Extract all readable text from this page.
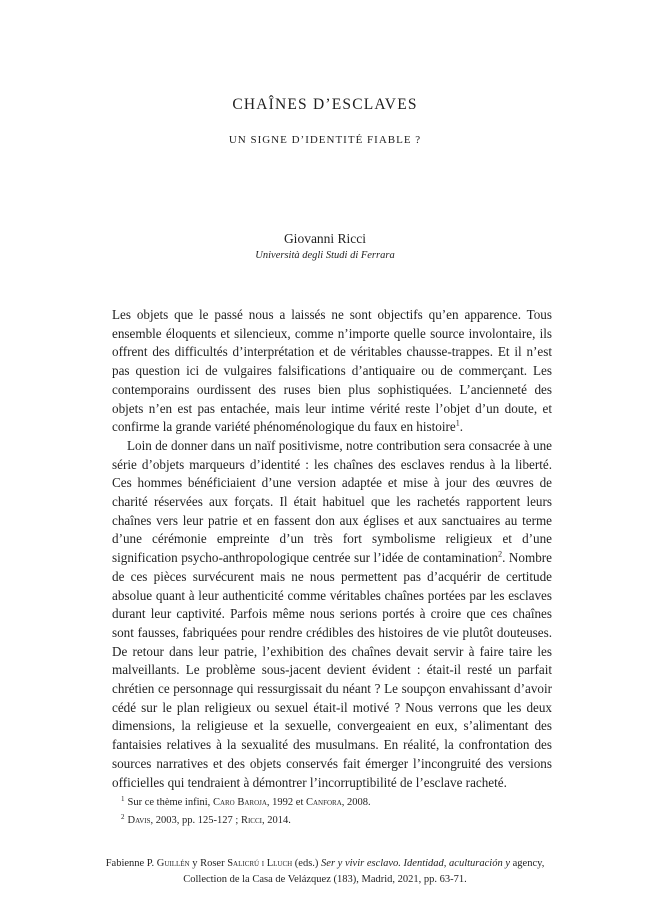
CHAÎNES D’ESCLAVES
UN SIGNE D’IDENTITÉ FIABLE ?
Giovanni Ricci
Università degli Studi di Ferrara

Les objets que le passé nous a laissés ne sont objectifs qu’en apparence. Tous ensemble éloquents et silencieux, comme n’importe quelle source involontaire, ils offrent des difficultés d’interprétation et de véritables chausse-trappes. Et il n’est pas question ici de vulgaires falsifications d’antiquaire ou de commerçant. Les contemporains ourdissent des ruses bien plus sophistiquées. L’ancienneté des objets n’en est pas entachée, mais leur intime vérité reste l’objet d’un doute, et confirme la grande variété phénoménologique du faux en histoire$^1$.

Loin de donner dans un naïf positivisme, notre contribution sera consacrée à une série d’objets marqueurs d’identité : les chaînes des esclaves rendus à la liberté. Ces hommes bénéficiaient d’une version adaptée et mise à jour des œuvres de charité réservées aux forçats. Il était habituel que les rachetés rapportent leurs chaînes vers leur patrie et en fassent don aux églises et aux sanctuaires au terme d’une cérémonie empreinte d’un très fort symbolisme religieux et d’une signification psycho-anthropologique centrée sur l’idée de contamination$^2$. Nombre de ces pièces survécurent mais ne nous permettent pas d’acquérir de certitude absolue quant à leur authenticité comme véritables chaînes portées par les esclaves durant leur captivité. Parfois même nous serions portés à croire que ces chaînes sont fausses, fabriquées pour rendre crédibles des histoires de vie plutôt douteuses. De retour dans leur patrie, l’exhibition des chaînes devait servir à faire taire les malveillants. Le problème sous-jacent devient évident : était-il resté un parfait chrétien ce personnage qui ressurgissait du néant ? Le soupçon envahissant d’avoir cédé sur le plan religieux ou sexuel était-il motivé ? Nous verrons que les deux dimensions, la religieuse et la sexuelle, convergeaient en eux, s’alimentant des fantaisies relatives à la sexualité des musulmans. En réalité, la confrontation des sources narratives et des objets conservés fait émerger l’incongruité des versions officielles qui tendraient à démontrer l’incorruptibilité de l’esclave racheté.

$^1$ Sur ce thème infini, Caro Baroja, 1992 et Canfora, 2008.
$^2$ Davis, 2003, pp. 125-127 ; Ricci, 2014.
Fabienne P. Guillén y Roser Salicrú i Lluch (eds.) Ser y vivir esclavo. Identidad, aculturación y agency,
Collection de la Casa de Velázquez (183), Madrid, 2021, pp. 63-71.
